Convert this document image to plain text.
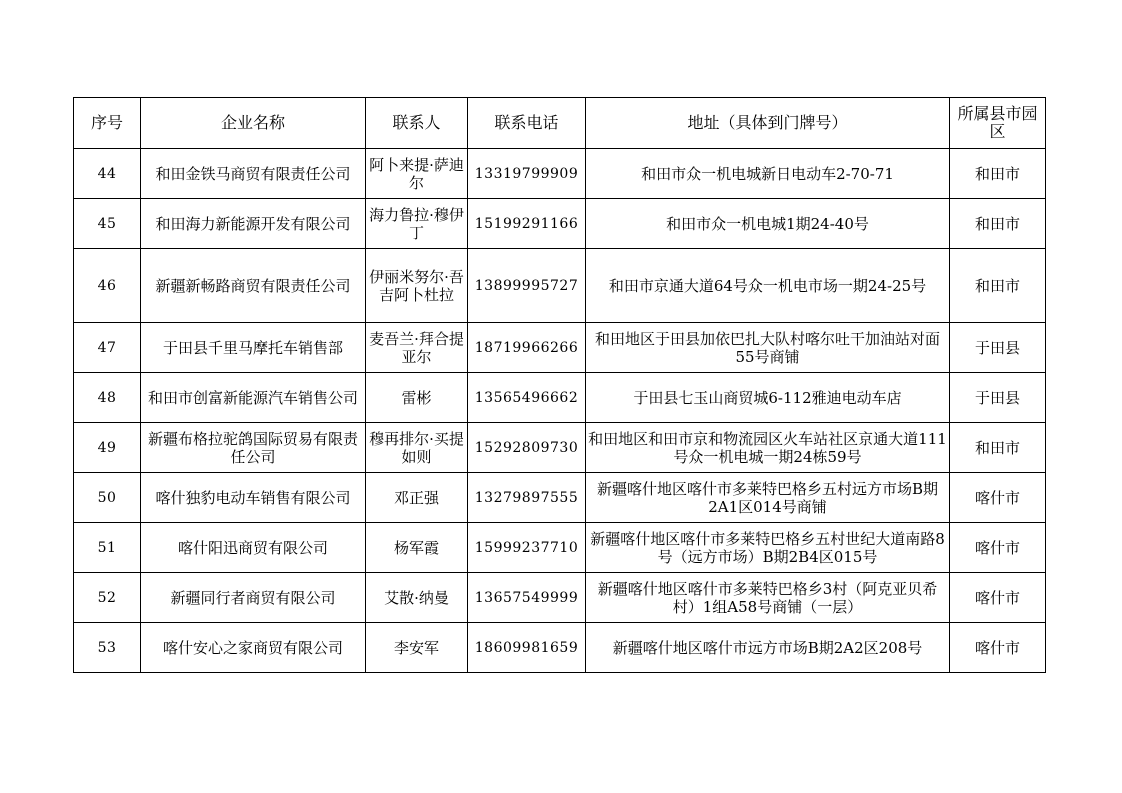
序号	企业名称	联系人	联系电话	地址（具体到门牌号）	所属县市园区
44	和田金铁马商贸有限责任公司	阿卜来提·萨迪尔	13319799909	和田市众一机电城新日电动车2-70-71	和田市
45	和田海力新能源开发有限公司	海力鲁拉·穆伊丁	15199291166	和田市众一机电城1期24-40号	和田市
46	新疆新畅路商贸有限责任公司	伊丽米努尔·吾吉阿卜杜拉	13899995727	和田市京通大道64号众一机电市场一期24-25号	和田市
47	于田县千里马摩托车销售部	麦吾兰·拜合提亚尔	18719966266	和田地区于田县加依巴扎大队村喀尔吐干加油站对面55号商铺	于田县
48	和田市创富新能源汽车销售公司	雷彬	13565496662	于田县七玉山商贸城6-112雅迪电动车店	于田县
49	新疆布格拉驼鸽国际贸易有限责任公司	穆再排尔·买提如则	15292809730	和田地区和田市京和物流园区火车站社区京通大道111号众一机电城一期24栋59号	和田市
50	喀什独豹电动车销售有限公司	邓正强	13279897555	新疆喀什地区喀什市多莱特巴格乡五村远方市场B期2A1区014号商铺	喀什市
51	喀什阳迅商贸有限公司	杨军霞	15999237710	新疆喀什地区喀什市多莱特巴格乡五村世纪大道南路8号（远方市场）B期2B4区015号	喀什市
52	新疆同行者商贸有限公司	艾散·纳曼	13657549999	新疆喀什地区喀什市多莱特巴格乡3村（阿克亚贝希村）1组A58号商铺（一层）	喀什市
53	喀什安心之家商贸有限公司	李安军	18609981659	新疆喀什地区喀什市远方市场B期2A2区208号	喀什市
